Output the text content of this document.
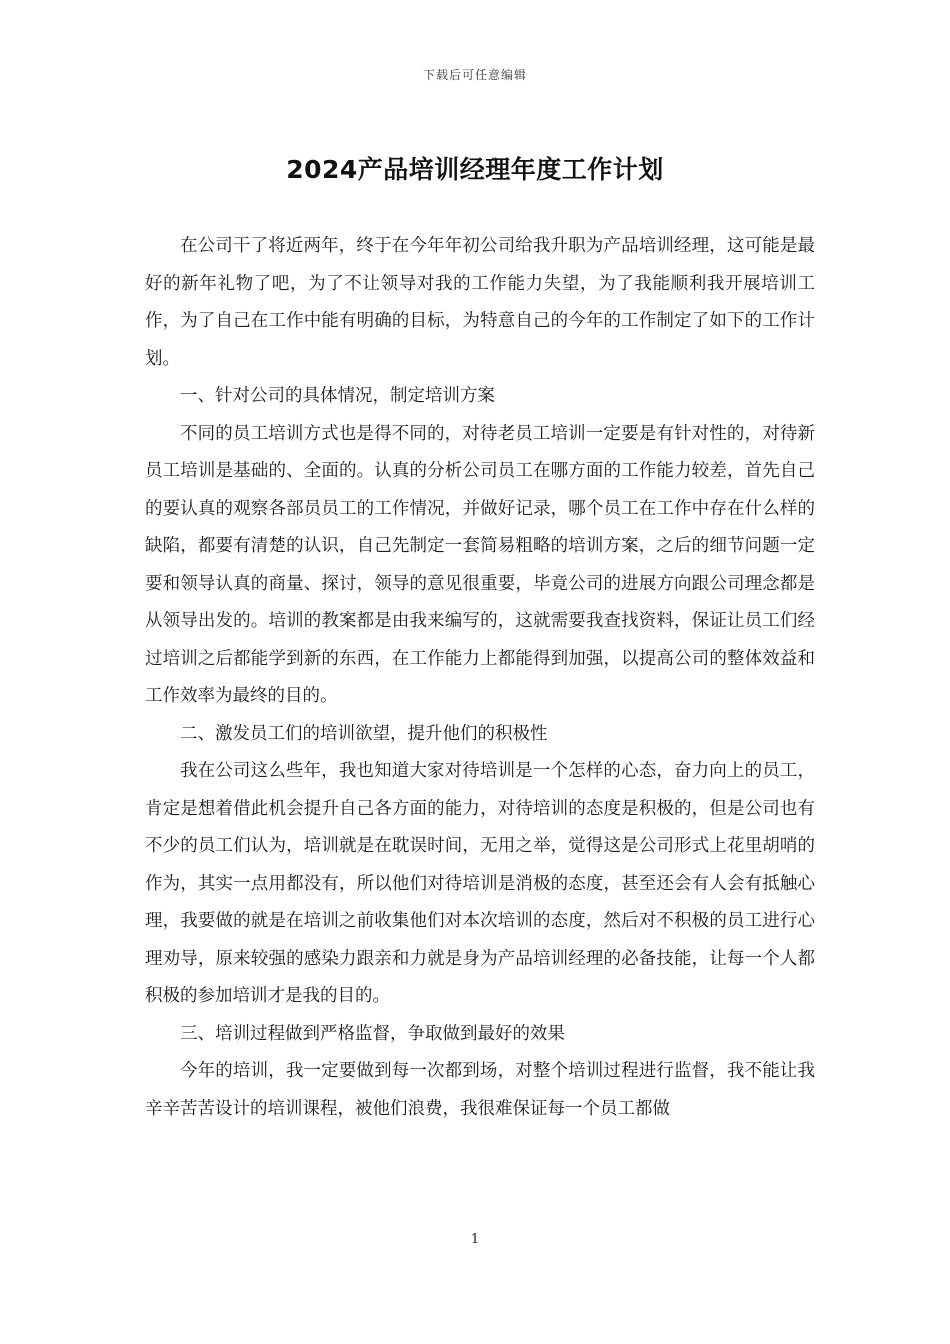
下载后可任意编辑
2024产品培训经理年度工作计划

在公司干了将近两年，终于在今年年初公司给我升职为产品培训经理，这可能是最好的新年礼物了吧，为了不让领导对我的工作能力失望，为了我能顺利我开展培训工作，为了自己在工作中能有明确的目标，为特意自己的今年的工作制定了如下的工作计划。

一、针对公司的具体情况，制定培训方案

不同的员工培训方式也是得不同的，对待老员工培训一定要是有针对性的，对待新员工培训是基础的、全面的。认真的分析公司员工在哪方面的工作能力较差，首先自己的要认真的观察各部员员工的工作情况，并做好记录，哪个员工在工作中存在什么样的缺陷，都要有清楚的认识，自己先制定一套简易粗略的培训方案，之后的细节问题一定要和领导认真的商量、探讨，领导的意见很重要，毕竟公司的进展方向跟公司理念都是从领导出发的。培训的教案都是由我来编写的，这就需要我查找资料，保证让员工们经过培训之后都能学到新的东西，在工作能力上都能得到加强，以提高公司的整体效益和工作效率为最终的目的。

二、激发员工们的培训欲望，提升他们的积极性

我在公司这么些年，我也知道大家对待培训是一个怎样的心态，奋力向上的员工，肯定是想着借此机会提升自己各方面的能力，对待培训的态度是积极的，但是公司也有不少的员工们认为，培训就是在耽误时间，无用之举，觉得这是公司形式上花里胡哨的作为，其实一点用都没有，所以他们对待培训是消极的态度，甚至还会有人会有抵触心理，我要做的就是在培训之前收集他们对本次培训的态度，然后对不积极的员工进行心理劝导，原来较强的感染力跟亲和力就是身为产品培训经理的必备技能，让每一个人都积极的参加培训才是我的目的。

三、培训过程做到严格监督，争取做到最好的效果

今年的培训，我一定要做到每一次都到场，对整个培训过程进行监督，我不能让我辛辛苦苦设计的培训课程，被他们浪费，我很难保证每一个员工都做

1
